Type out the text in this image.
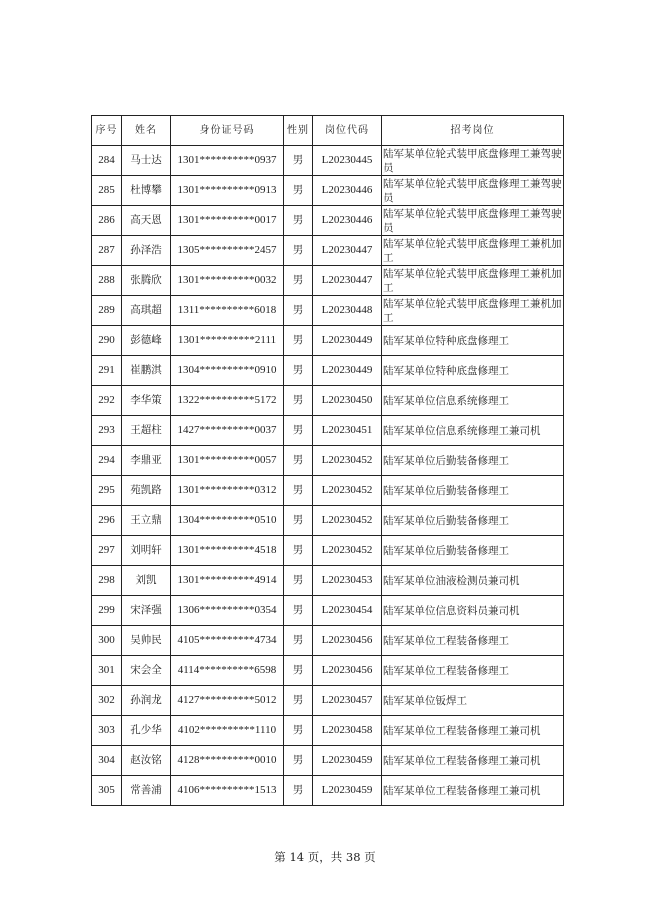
序号	姓名	身份证号码	性别	岗位代码	招考岗位
284	马士达	1301**********0937	男	L20230445	陆军某单位轮式装甲底盘修理工兼驾驶员
285	杜博攀	1301**********0913	男	L20230446	陆军某单位轮式装甲底盘修理工兼驾驶员
286	高天恩	1301**********0017	男	L20230446	陆军某单位轮式装甲底盘修理工兼驾驶员
287	孙泽浩	1305**********2457	男	L20230447	陆军某单位轮式装甲底盘修理工兼机加工
288	张腾欣	1301**********0032	男	L20230447	陆军某单位轮式装甲底盘修理工兼机加工
289	高琪超	1311**********6018	男	L20230448	陆军某单位轮式装甲底盘修理工兼机加工
290	彭德峰	1301**********2111	男	L20230449	陆军某单位特种底盘修理工
291	崔鹏淇	1304**********0910	男	L20230449	陆军某单位特种底盘修理工
292	李华策	1322**********5172	男	L20230450	陆军某单位信息系统修理工
293	王超柱	1427**********0037	男	L20230451	陆军某单位信息系统修理工兼司机
294	李鼎亚	1301**********0057	男	L20230452	陆军某单位后勤装备修理工
295	苑凯路	1301**********0312	男	L20230452	陆军某单位后勤装备修理工
296	王立鼎	1304**********0510	男	L20230452	陆军某单位后勤装备修理工
297	刘明轩	1301**********4518	男	L20230452	陆军某单位后勤装备修理工
298	刘凯	1301**********4914	男	L20230453	陆军某单位油液检测员兼司机
299	宋泽强	1306**********0354	男	L20230454	陆军某单位信息资料员兼司机
300	吴帅民	4105**********4734	男	L20230456	陆军某单位工程装备修理工
301	宋会全	4114**********6598	男	L20230456	陆军某单位工程装备修理工
302	孙润龙	4127**********5012	男	L20230457	陆军某单位钣焊工
303	孔少华	4102**********1110	男	L20230458	陆军某单位工程装备修理工兼司机
304	赵汝铭	4128**********0010	男	L20230459	陆军某单位工程装备修理工兼司机
305	常善浦	4106**********1513	男	L20230459	陆军某单位工程装备修理工兼司机
第 14 页，共 38 页
